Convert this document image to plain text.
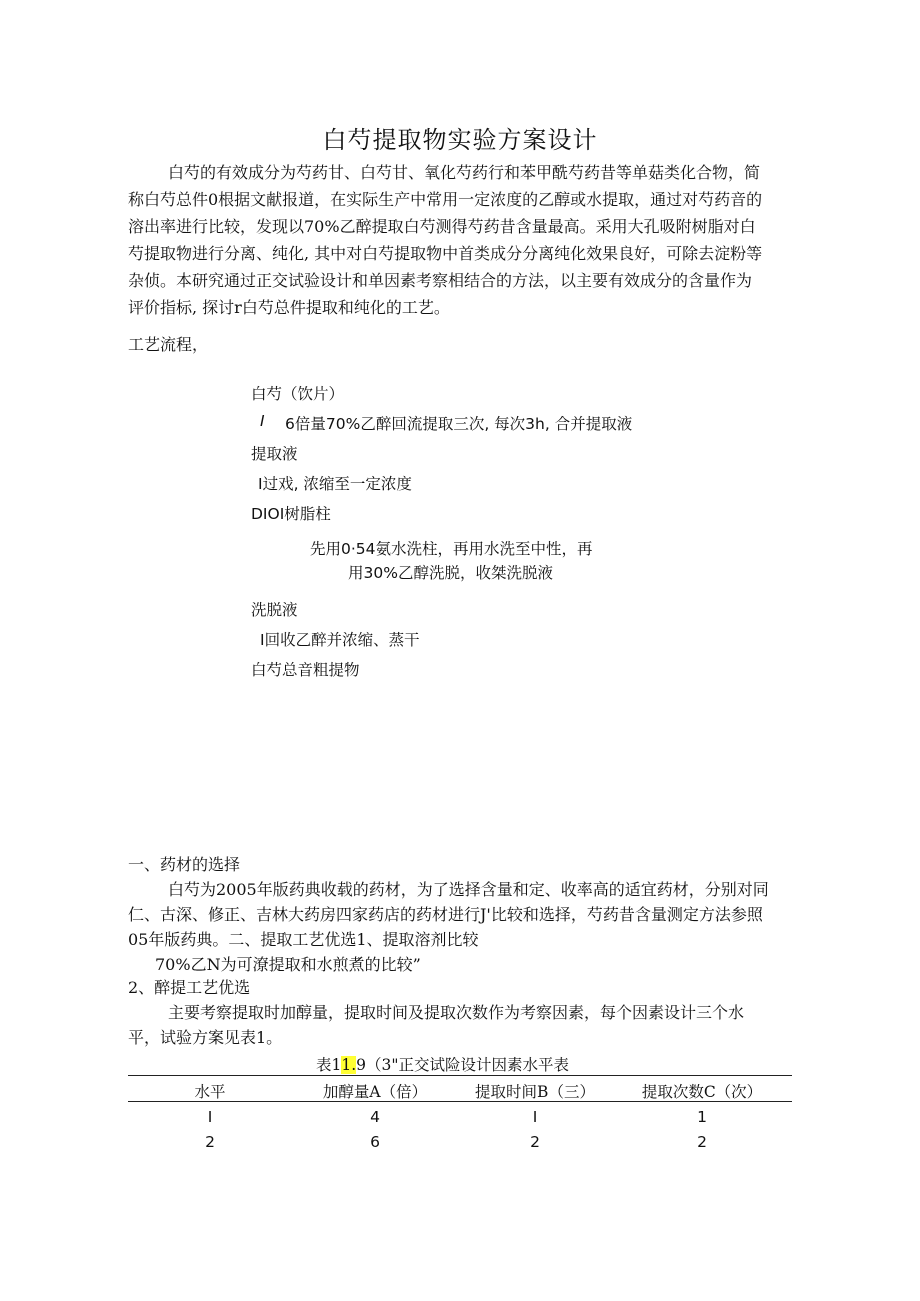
白芍提取物实验方案设计
白芍的有效成分为芍药甘、白芍甘、氧化芍药行和苯甲酰芍药昔等单菇类化合物，简
称白芍总件0根据文献报道，在实际生产中常用一定浓度的乙醇或水提取，通过对芍药音的
溶出率进行比较，发现以70%乙醉提取白芍测得芍药昔含量最高。采用大孔吸附树脂对白
芍提取物进行分离、纯化, 其中对白芍提取物中首类成分分离纯化效果良好，可除去淀粉等
杂侦。本研究通过正交试验设计和单因素考察相结合的方法，以主要有效成分的含量作为
评价指标, 探讨r白芍总件提取和纯化的工艺。
工艺流程，
白芍（饮片）
I 6倍量70%乙醉回流提取三次, 每次3h, 合并提取液
提取液
I过戏, 浓缩至一定浓度
DIOI树脂柱
先用0·54氨水洗柱，再用水洗至中性，再
用30%乙醇洗脱，收桀洗脱液
洗脱液
I回收乙醉并浓缩、蒸干
白芍总音粗提物
一、药材的选择
白芍为2005年版药典收载的药材，为了选择含量和定、收率高的适宜药材，分别对同
仁、古深、修正、吉林大药房四家药店的药材进行J'比较和选择，芍药昔含量测定方法参照
05年版药典。二、提取工艺优选1、提取溶剂比较
70%乙N为可潦提取和水煎煮的比较”
2、醉提工艺优选
主要考察提取时加醇量，提取时间及提取次数作为考察因素，每个因素设计三个水
平，试验方案见表1。
表11.9（3"正交试险设计因素水平表
水平	加醇量A（倍）	提取时间B（三）	提取次数C（次）
I	4	I	1
2	6	2	2
